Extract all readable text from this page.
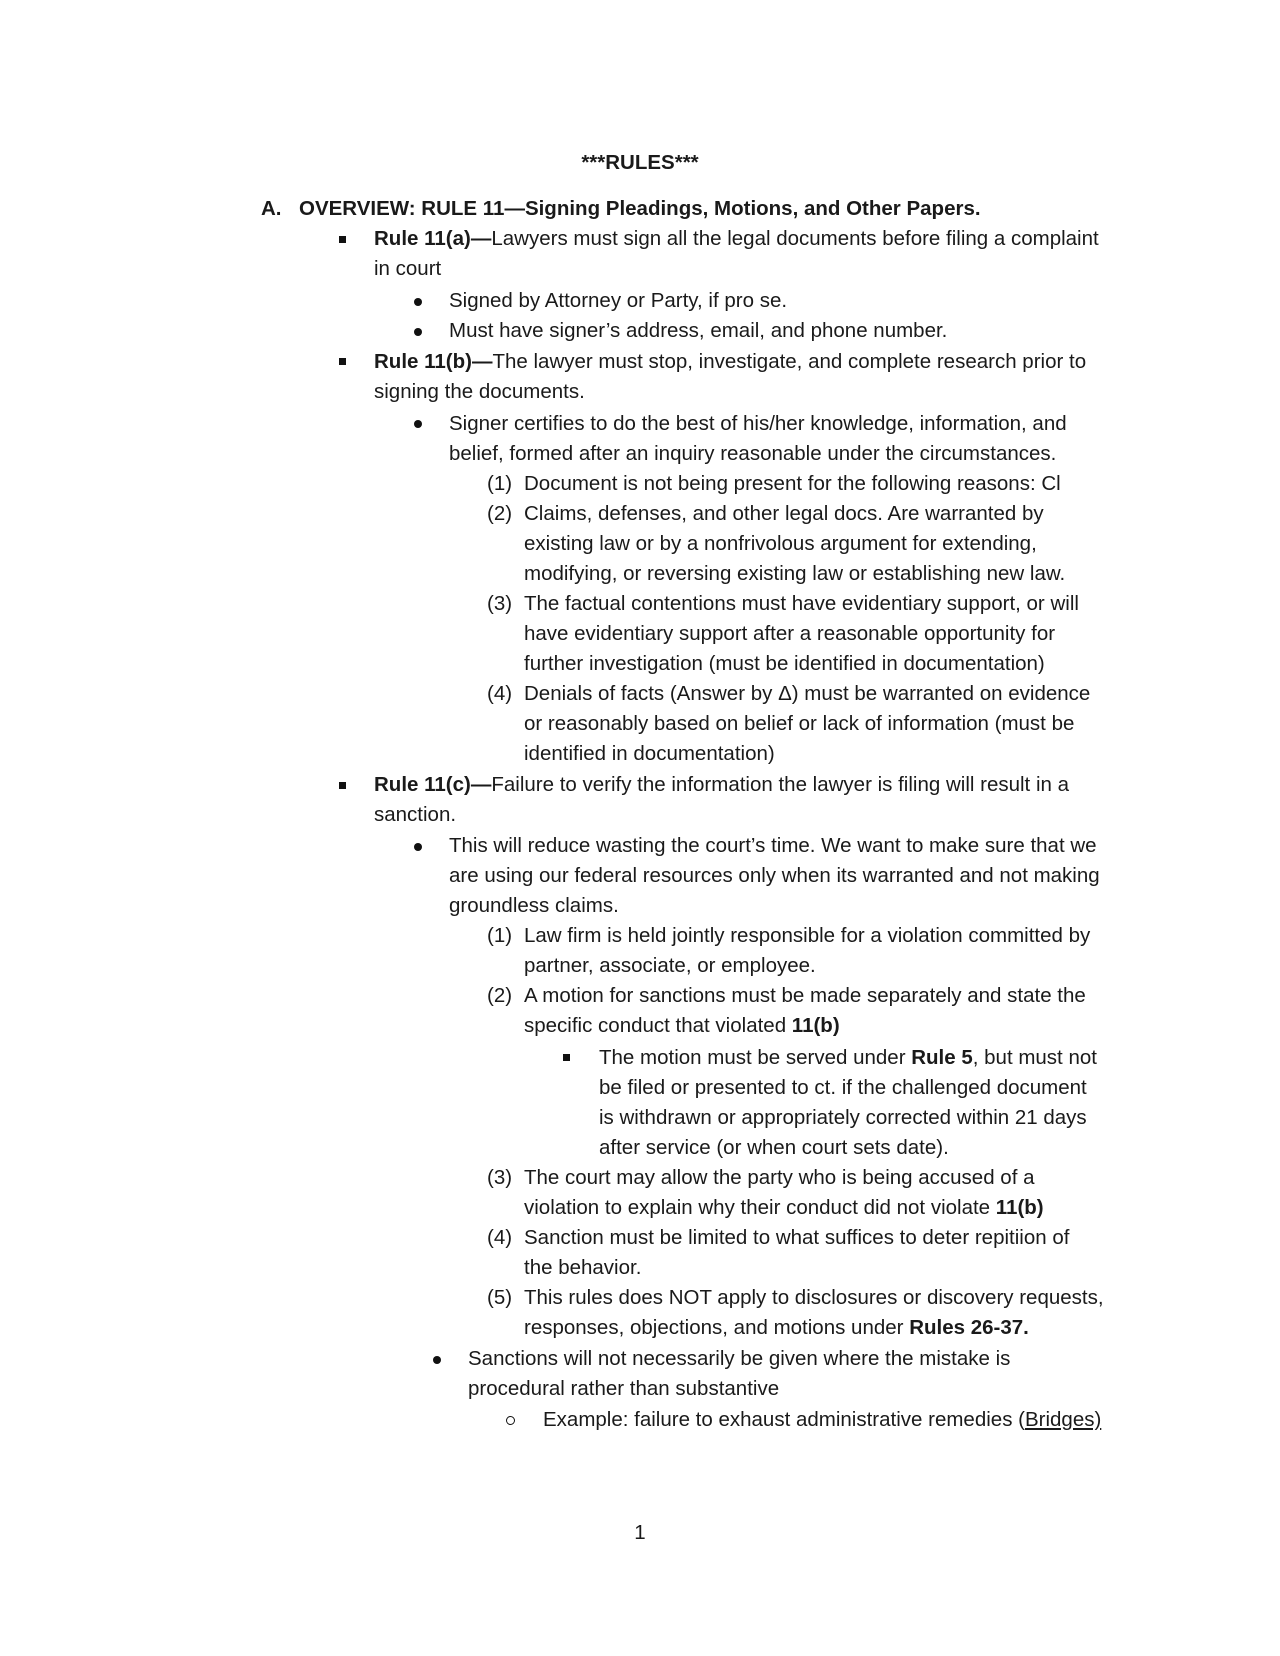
***RULES***
A. OVERVIEW: RULE 11—Signing Pleadings, Motions, and Other Papers.
Rule 11(a)—Lawyers must sign all the legal documents before filing a complaint
in court
Signed by Attorney or Party, if pro se.
Must have signer’s address, email, and phone number.
Rule 11(b)—The lawyer must stop, investigate, and complete research prior to
signing the documents.
Signer certifies to do the best of his/her knowledge, information, and
belief, formed after an inquiry reasonable under the circumstances.
(1) Document is not being present for the following reasons: Cl
(2) Claims, defenses, and other legal docs. Are warranted by
existing law or by a nonfrivolous argument for extending,
modifying, or reversing existing law or establishing new law.
(3) The factual contentions must have evidentiary support, or will
have evidentiary support after a reasonable opportunity for
further investigation (must be identified in documentation)
(4) Denials of facts (Answer by Δ) must be warranted on evidence
or reasonably based on belief or lack of information (must be
identified in documentation)
Rule 11(c)—Failure to verify the information the lawyer is filing will result in a
sanction.
This will reduce wasting the court’s time. We want to make sure that we
are using our federal resources only when its warranted and not making
groundless claims.
(1) Law firm is held jointly responsible for a violation committed by
partner, associate, or employee.
(2) A motion for sanctions must be made separately and state the
specific conduct that violated 11(b)
The motion must be served under Rule 5, but must not
be filed or presented to ct. if the challenged document
is withdrawn or appropriately corrected within 21 days
after service (or when court sets date).
(3) The court may allow the party who is being accused of a
violation to explain why their conduct did not violate 11(b)
(4) Sanction must be limited to what suffices to deter repitiion of
the behavior.
(5) This rules does NOT apply to disclosures or discovery requests,
responses, objections, and motions under Rules 26-37.
Sanctions will not necessarily be given where the mistake is
procedural rather than substantive
Example: failure to exhaust administrative remedies (Bridges)
1
